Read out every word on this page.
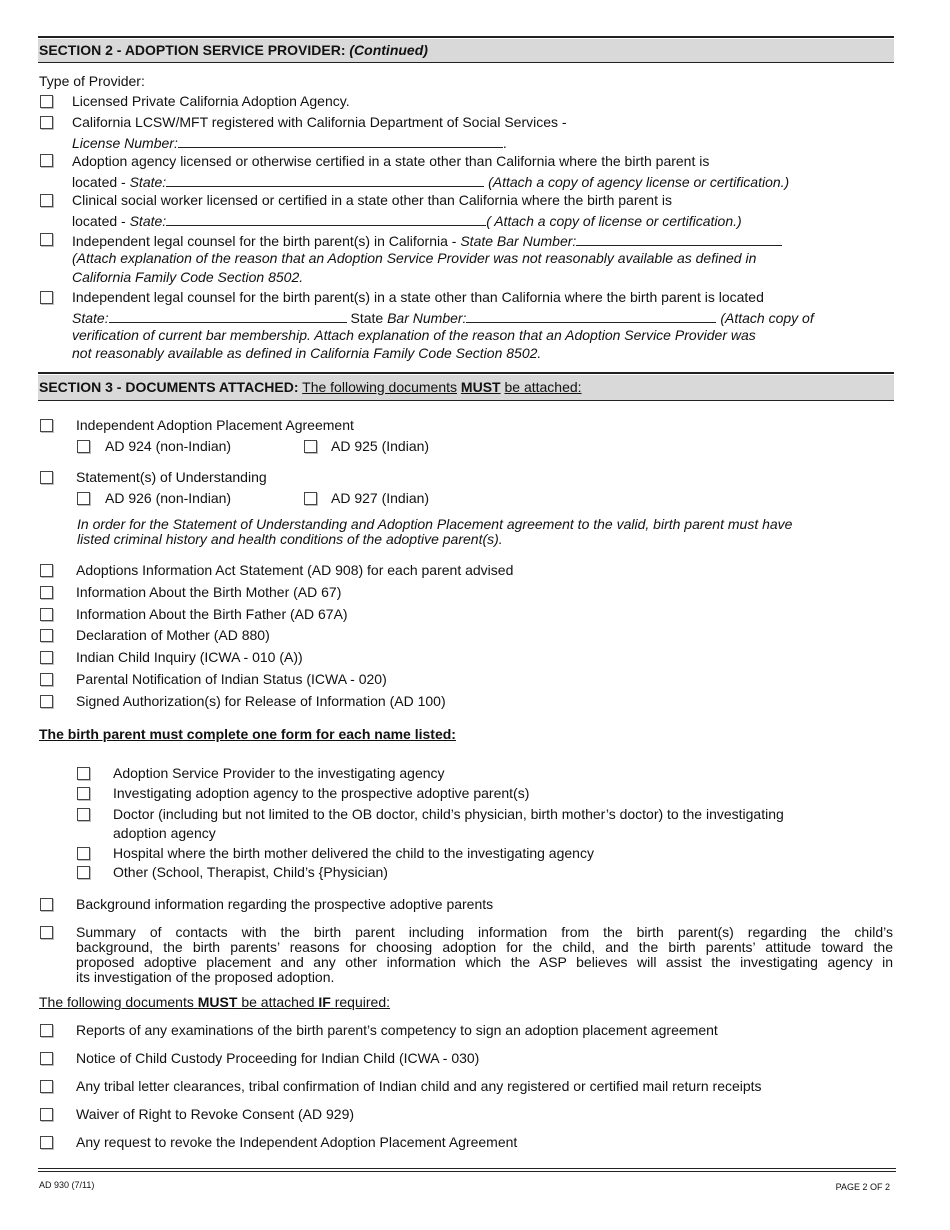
SECTION 2 - ADOPTION SERVICE PROVIDER: (Continued)
Type of Provider:
Licensed Private California Adoption Agency.
California LCSW/MFT registered with California Department of Social Services -
License Number:	.
Adoption agency licensed or otherwise certified in a state other than California where the birth parent is
located - State:	(Attach a copy of agency license or certification.)
Clinical social worker licensed or certified in a state other than California where the birth parent is
located - State:	( Attach a copy of license or certification.)
Independent legal counsel for the birth parent(s) in California - State Bar Number:
(Attach explanation of the reason that an Adoption Service Provider was not reasonably available as defined in
California Family Code Section 8502.
Independent legal counsel for the birth parent(s) in a state other than California where the birth parent is located
State:	State Bar Number:	(Attach copy of
verification of current bar membership. Attach explanation of the reason that an Adoption Service Provider was
not reasonably available as defined in California Family Code Section 8502.
SECTION 3 - DOCUMENTS ATTACHED: The following documents MUST be attached:
Independent Adoption Placement Agreement
AD 924 (non-Indian)	AD 925 (Indian)
Statement(s) of Understanding
AD 926 (non-Indian)	AD 927 (Indian)
In order for the Statement of Understanding and Adoption Placement agreement to the valid, birth parent must have
listed criminal history and health conditions of the adoptive parent(s).
Adoptions Information Act Statement (AD 908) for each parent advised
Information About the Birth Mother (AD 67)
Information About the Birth Father (AD 67A)
Declaration of Mother (AD 880)
Indian Child Inquiry (ICWA - 010 (A))
Parental Notification of Indian Status (ICWA - 020)
Signed Authorization(s) for Release of Information (AD 100)
The birth parent must complete one form for each name listed:
Adoption Service Provider to the investigating agency
Investigating adoption agency to the prospective adoptive parent(s)
Doctor (including but not limited to the OB doctor, child’s physician, birth mother’s doctor) to the investigating
adoption agency
Hospital where the birth mother delivered the child to the investigating agency
Other (School, Therapist, Child’s {Physician)
Background information regarding the prospective adoptive parents
Summary of contacts with the birth parent including information from the birth parent(s) regarding the child’s
background, the birth parents’ reasons for choosing adoption for the child, and the birth parents’ attitude toward the
proposed adoptive placement and any other information which the ASP believes will assist the investigating agency in
its investigation of the proposed adoption.
The following documents MUST be attached IF required:
Reports of any examinations of the birth parent’s competency to sign an adoption placement agreement
Notice of Child Custody Proceeding for Indian Child (ICWA - 030)
Any tribal letter clearances, tribal confirmation of Indian child and any registered or certified mail return receipts
Waiver of Right to Revoke Consent (AD 929)
Any request to revoke the Independent Adoption Placement Agreement
AD 930 (7/11)	PAGE 2 OF 2
